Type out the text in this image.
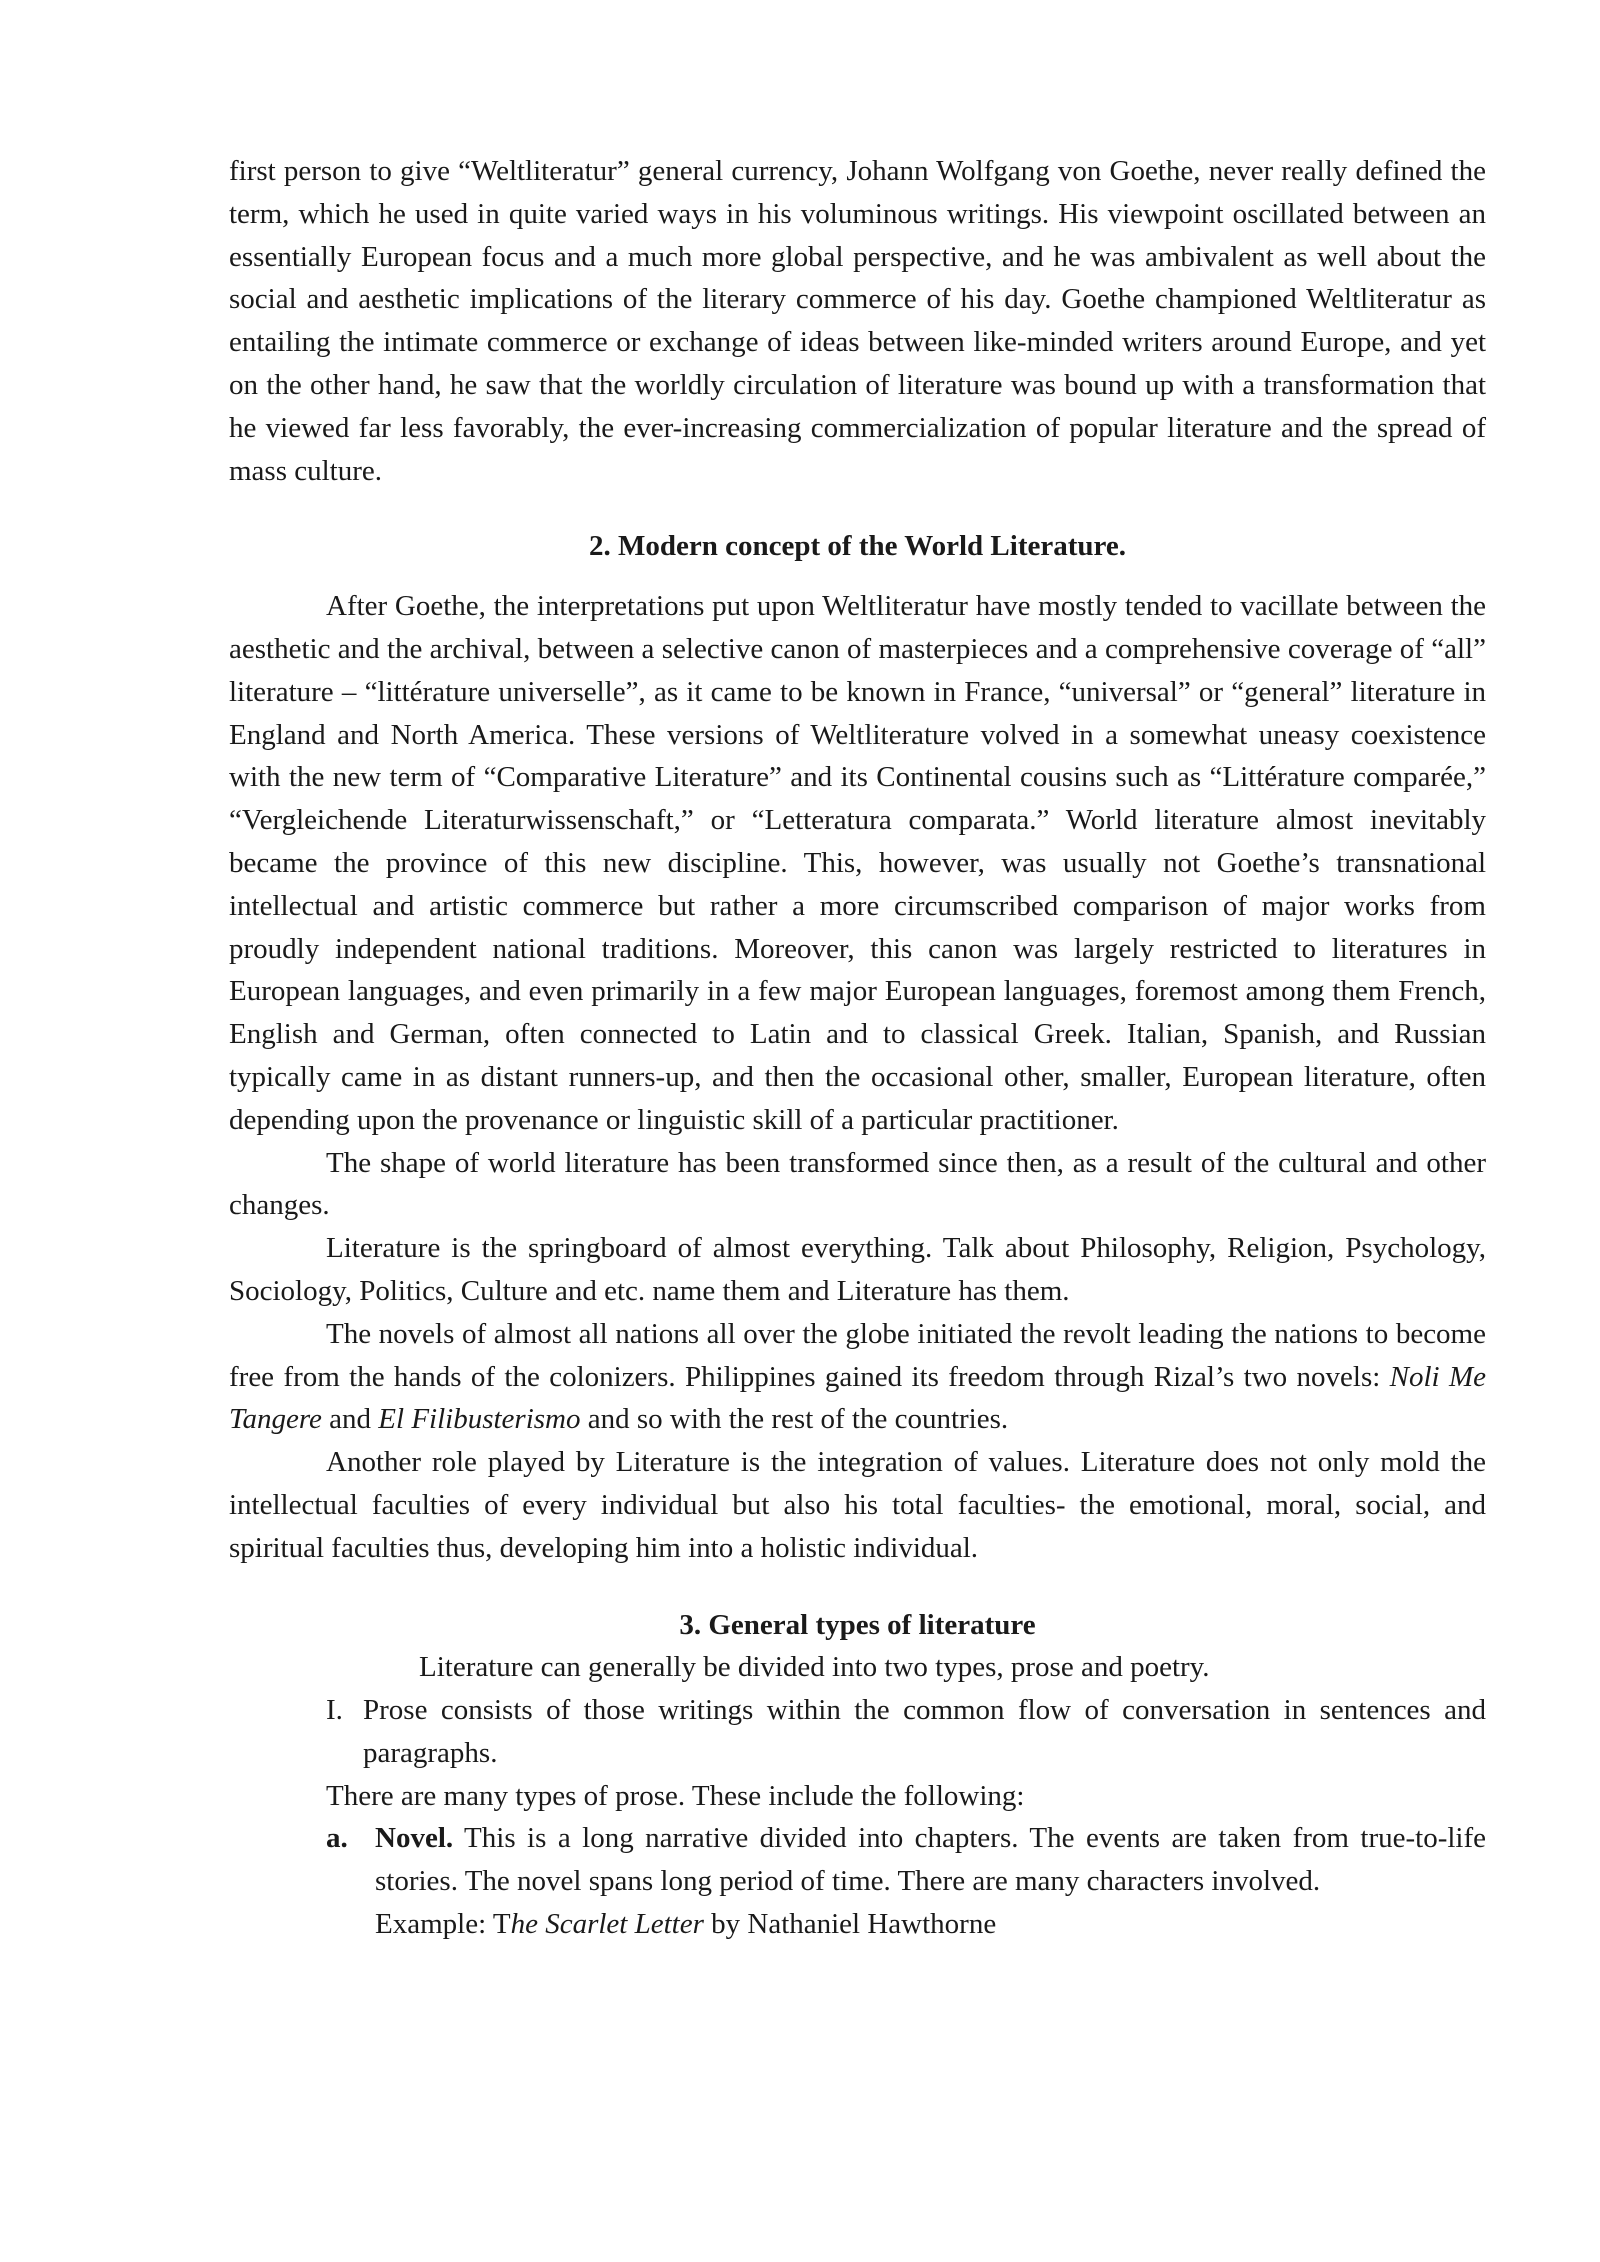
first person to give “Weltliteratur” general currency, Johann Wolfgang von Goethe, never really defined the term, which he used in quite varied ways in his voluminous writings. His viewpoint oscillated between an essentially European focus and a much more global perspective, and he was ambivalent as well about the social and aesthetic implications of the literary commerce of his day. Goethe championed Weltliteratur as entailing the intimate commerce or exchange of ideas between like-minded writers around Europe, and yet on the other hand, he saw that the worldly circulation of literature was bound up with a transformation that he viewed far less favorably, the ever-increasing commercialization of popular literature and the spread of mass culture.

2. Modern concept of the World Literature.

After Goethe, the interpretations put upon Weltliteratur have mostly tended to vacillate between the aesthetic and the archival, between a selective canon of masterpieces and a comprehensive coverage of “all” literature – “littérature universelle”, as it came to be known in France, “universal” or “general” literature in England and North America. These versions of Weltliterature volved in a somewhat uneasy coexistence with the new term of “Comparative Literature” and its Continental cousins such as “Littérature comparée,” “Vergleichende Literaturwissenschaft,” or “Letteratura comparata.” World literature almost inevitably became the province of this new discipline. This, however, was usually not Goethe’s transnational intellectual and artistic commerce but rather a more circumscribed comparison of major works from proudly independent national traditions. Moreover, this canon was largely restricted to literatures in European languages, and even primarily in a few major European languages, foremost among them French, English and German, often connected to Latin and to classical Greek. Italian, Spanish, and Russian typically came in as distant runners-up, and then the occasional other, smaller, European literature, often depending upon the provenance or linguistic skill of a particular practitioner.

The shape of world literature has been transformed since then, as a result of the cultural and other changes.

Literature is the springboard of almost everything. Talk about Philosophy, Religion, Psychology, Sociology, Politics, Culture and etc. name them and Literature has them.

The novels of almost all nations all over the globe initiated the revolt leading the nations to become free from the hands of the colonizers. Philippines gained its freedom through Rizal’s two novels: Noli Me Tangere and El Filibusterismo and so with the rest of the countries.

Another role played by Literature is the integration of values. Literature does not only mold the intellectual faculties of every individual but also his total faculties- the emotional, moral, social, and spiritual faculties thus, developing him into a holistic individual.

3. General types of literature

Literature can generally be divided into two types, prose and poetry.

I. Prose consists of those writings within the common flow of conversation in sentences and paragraphs.

There are many types of prose. These include the following:

a. Novel. This is a long narrative divided into chapters. The events are taken from true-to-life stories. The novel spans long period of time. There are many characters involved.

Example: The Scarlet Letter by Nathaniel Hawthorne
